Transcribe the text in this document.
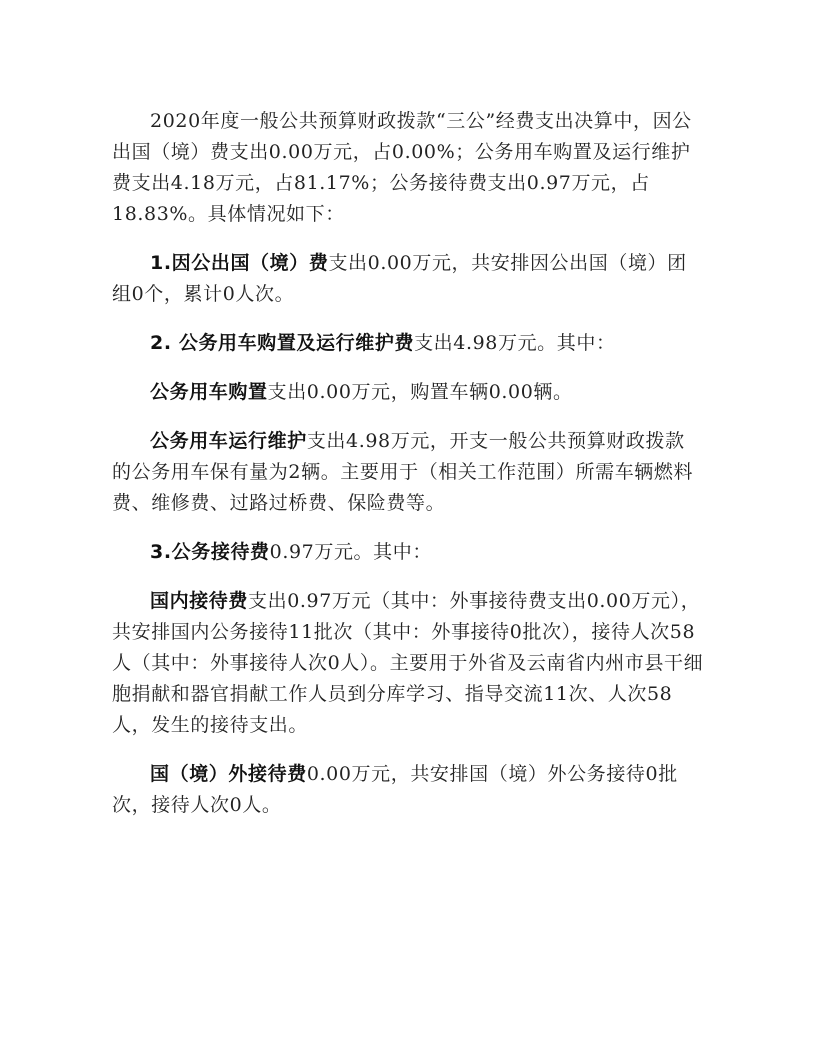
2020年度一般公共预算财政拨款“三公”经费支出决算中，因公出国（境）费支出0.00万元，占0.00%；公务用车购置及运行维护费支出4.18万元，占81.17%；公务接待费支出0.97万元，占18.83%。具体情况如下：

1.因公出国（境）费支出0.00万元，共安排因公出国（境）团组0个，累计0人次。

2. 公务用车购置及运行维护费支出4.98万元。其中：

公务用车购置支出0.00万元，购置车辆0.00辆。

公务用车运行维护支出4.98万元，开支一般公共预算财政拨款的公务用车保有量为2辆。主要用于（相关工作范围）所需车辆燃料费、维修费、过路过桥费、保险费等。

3.公务接待费0.97万元。其中：

国内接待费支出0.97万元（其中：外事接待费支出0.00万元），共安排国内公务接待11批次（其中：外事接待0批次），接待人次58人（其中：外事接待人次0人）。主要用于外省及云南省内州市县干细胞捐献和器官捐献工作人员到分库学习、指导交流11次、人次58人，发生的接待支出。

国（境）外接待费0.00万元，共安排国（境）外公务接待0批次，接待人次0人。
